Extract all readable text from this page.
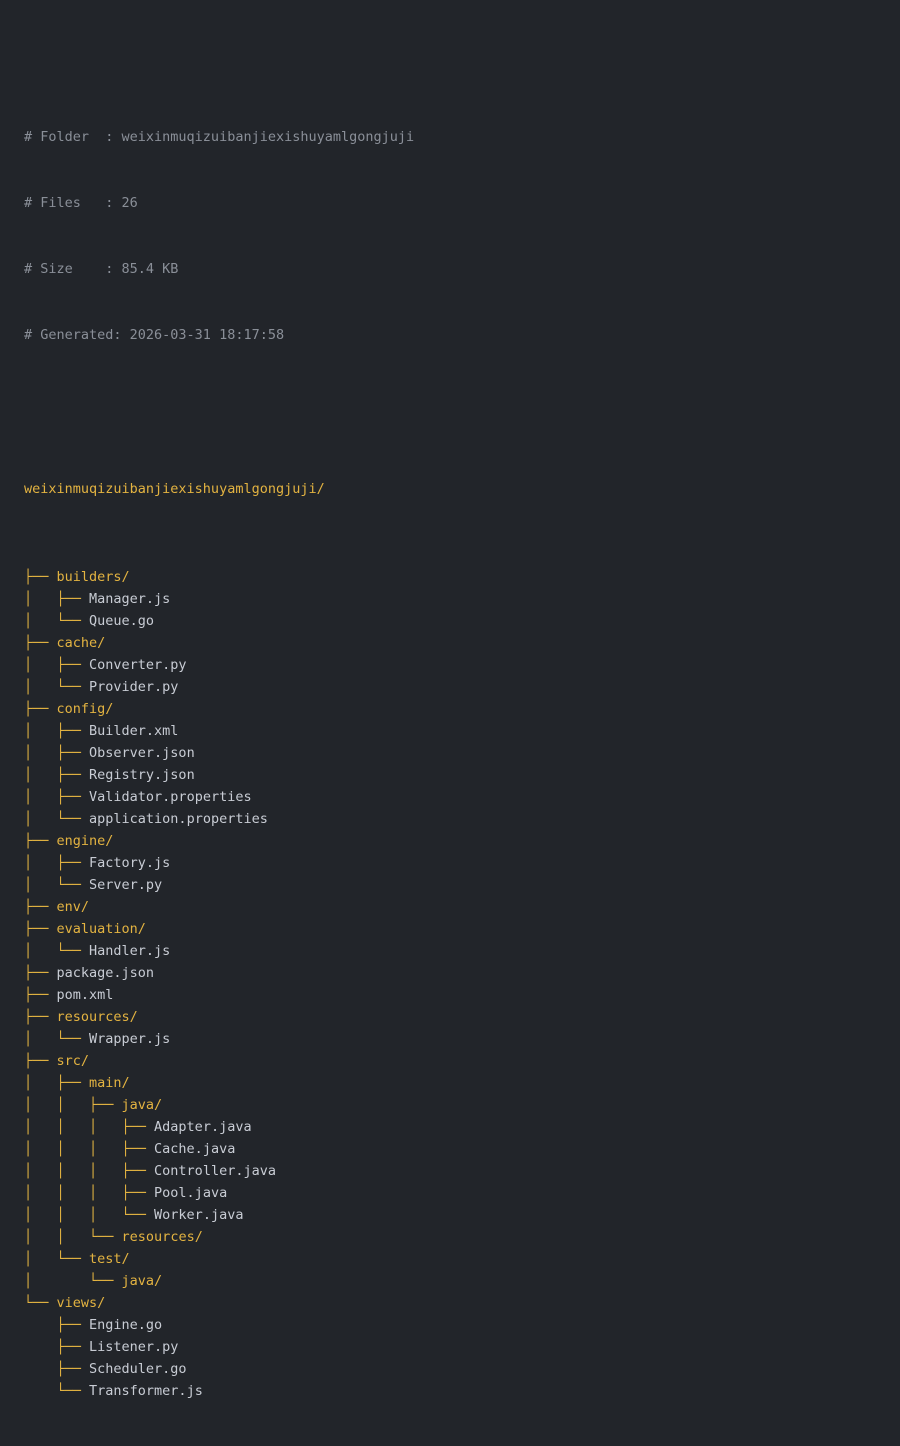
# Folder  : weixinmuqizuibanjiexishuyamlgongjuji

# Files   : 26

# Size    : 85.4 KB

# Generated: 2026-03-31 18:17:58

weixinmuqizuibanjiexishuyamlgongjuji/

├── builders/
│   ├── Manager.js
│   └── Queue.go
├── cache/
│   ├── Converter.py
│   └── Provider.py
├── config/
│   ├── Builder.xml
│   ├── Observer.json
│   ├── Registry.json
│   ├── Validator.properties
│   └── application.properties
├── engine/
│   ├── Factory.js
│   └── Server.py
├── env/
├── evaluation/
│   └── Handler.js
├── package.json
├── pom.xml
├── resources/
│   └── Wrapper.js
├── src/
│   ├── main/
│   │   ├── java/
│   │   │   ├── Adapter.java
│   │   │   ├── Cache.java
│   │   │   ├── Controller.java
│   │   │   ├── Pool.java
│   │   │   └── Worker.java
│   │   └── resources/
│   └── test/
│       └── java/
└── views/
├── Engine.go
├── Listener.py
├── Scheduler.go
└── Transformer.js
